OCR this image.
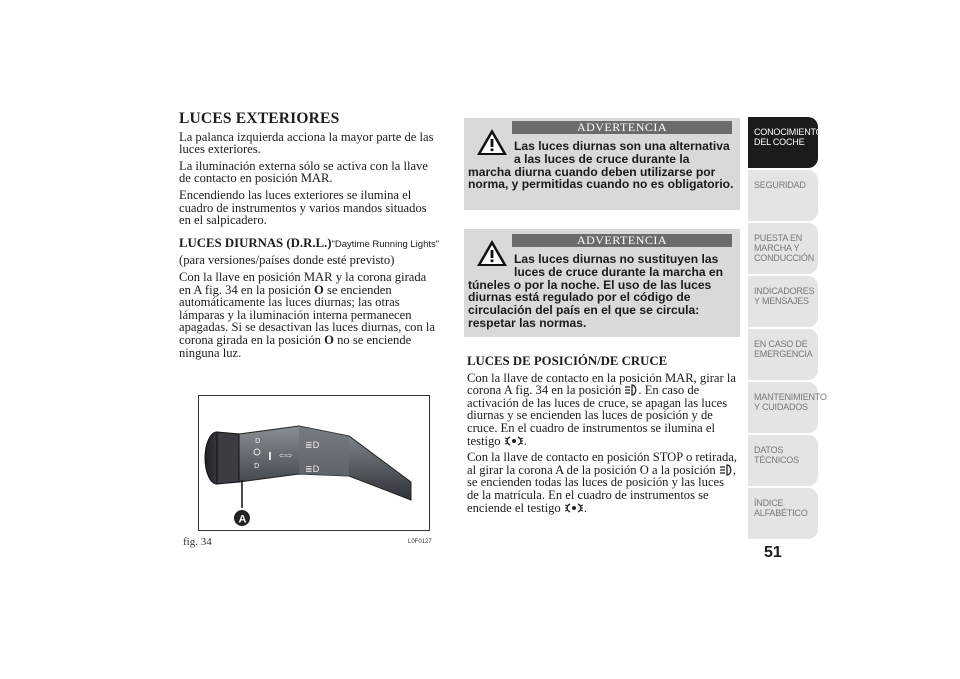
LUCES EXTERIORES

La palanca izquierda acciona la mayor parte de las luces exteriores.

La iluminación externa sólo se activa con la llave de contacto en posición MAR.

Encendiendo las luces exteriores se ilumina el cuadro de instrumentos y varios mandos situados en el salpicadero.

LUCES DIURNAS (D.R.L.)"Daytime Running Lights"

(para versiones/países donde esté previsto)

Con la llave en posición MAR y la corona girada en A fig. 34 en la posición O se encienden automáticamente las luces diurnas; las otras lámparas y la iluminación interna permanecen apagadas. Si se desactivan las luces diurnas, con la corona girada en la posición O no se enciende ninguna luz.

D
D
⇦⇨
≣D
≣D
A
fig. 34	L0F0127
ADVERTENCIA
Las luces diurnas son una alternativa a las luces de cruce durante la
marcha diurna cuando deben utilizarse por norma, y permitidas cuando no es obligatorio.
ADVERTENCIA
Las luces diurnas no sustituyen las luces de cruce durante la marcha en
túneles o por la noche. El uso de las luces diurnas está regulado por el código de circulación del país en el que se circula: respetar las normas.
LUCES DE POSICIÓN/DE CRUCE

Con la llave de contacto en la posición MAR, girar la corona A fig. 34 en la posición . En caso de activación de las luces de cruce, se apagan las luces diurnas y se encienden las luces de posición y de cruce. En el cuadro de instrumentos se ilumina el testigo .

Con la llave de contacto en posición STOP o retirada, al girar la corona A de la posición O a la posición , se encienden todas las luces de posición y las luces de la matrícula. En el cuadro de instrumentos se enciende el testigo .

CONOCIMIENTO DEL COCHE
SEGURIDAD
PUESTA EN MARCHA Y CONDUCCIÓN
INDICADORES Y MENSAJES
EN CASO DE EMERGENCIA
MANTENIMIENTO Y CUIDADOS
DATOS TÉCNICOS
ÍNDICE ALFABÉTICO
51
